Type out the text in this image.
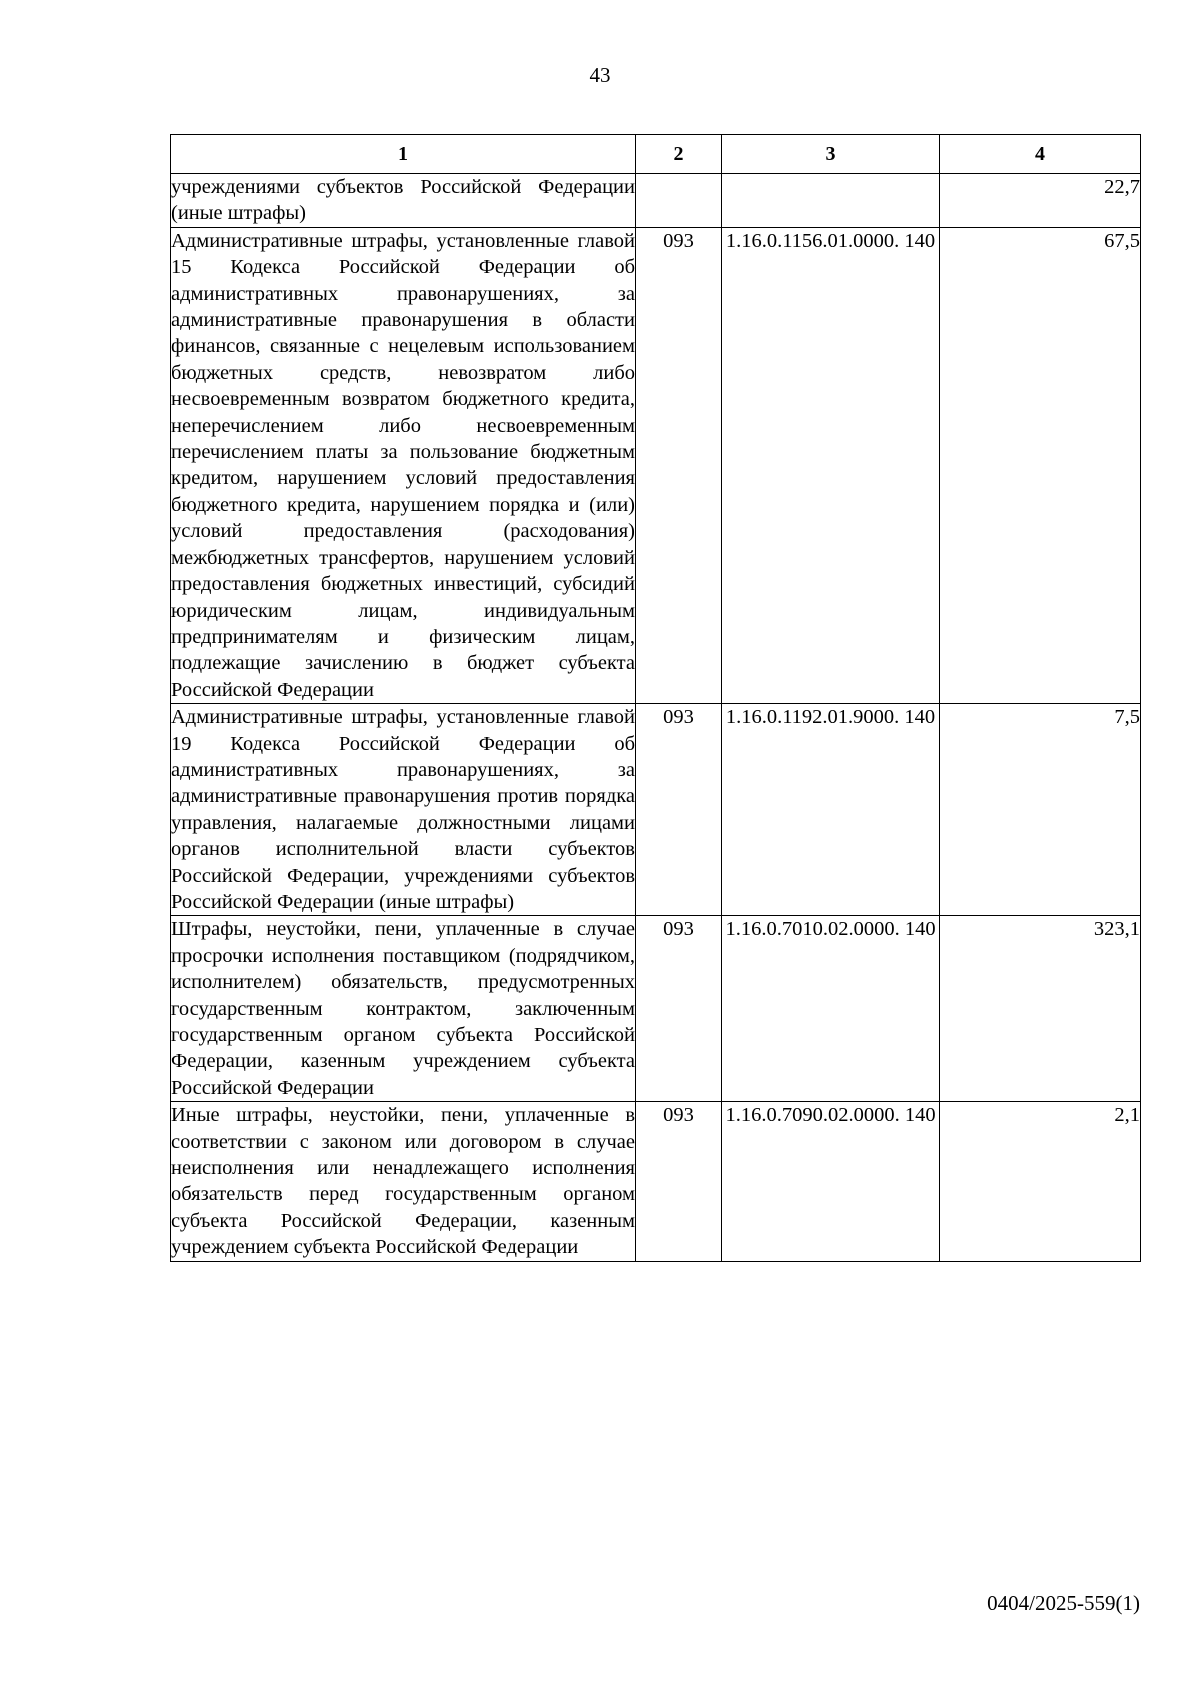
43
1	2	3	4
учреждениями субъектов Российской Федерации (иные штрафы)			22,7
Административные штрафы, установленные главой 15 Кодекса Российской Федерации об административных правонарушениях, за административные правонарушения в области финансов, связанные с нецелевым использованием бюджетных средств, невозвратом либо несвоевременным возвратом бюджетного кредита, неперечислением либо несвоевременным перечислением платы за пользование бюджетным кредитом, нарушением условий предоставления бюджетного кредита, нарушением порядка и (или) условий предоставления (расходования) межбюджетных трансфертов, нарушением условий предоставления бюджетных инвестиций, субсидий юридическим лицам, индивидуальным предпринимателям и физическим лицам, подлежащие зачислению в бюджет субъекта Российской Федерации	093	1.16.0.1156.01.0000. 140	67,5
Административные штрафы, установленные главой 19 Кодекса Российской Федерации об административных правонарушениях, за административные правонарушения против порядка управления, налагаемые должностными лицами органов исполнительной власти субъектов Российской Федерации, учреждениями субъектов Российской Федерации (иные штрафы)	093	1.16.0.1192.01.9000. 140	7,5
Штрафы, неустойки, пени, уплаченные в случае просрочки исполнения поставщиком (подрядчиком, исполнителем) обязательств, предусмотренных государственным контрактом, заключенным государственным органом субъекта Российской Федерации, казенным учреждением субъекта Российской Федерации	093	1.16.0.7010.02.0000. 140	323,1
Иные штрафы, неустойки, пени, уплаченные в соответствии с законом или договором в случае неисполнения или ненадлежащего исполнения обязательств перед государственным органом субъекта Российской Федерации, казенным учреждением субъекта Российской Федерации	093	1.16.0.7090.02.0000. 140	2,1
0404/2025-559(1)
